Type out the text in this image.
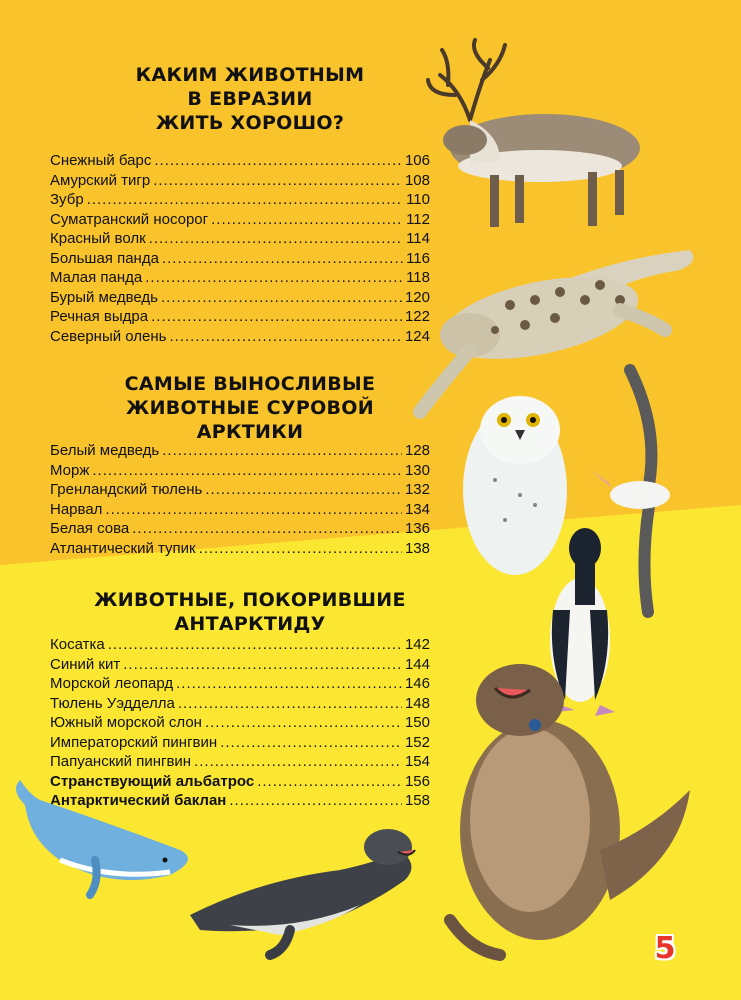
КАКИМ ЖИВОТНЫМ
В ЕВРАЗИИ
ЖИТЬ ХОРОШО?
Снежный барс .....	106
Амурский тигр .....	108
Зубр .....	110
Суматранский носорог .....	112
Красный волк .....	114
Большая панда .....	116
Малая панда .....	118
Бурый медведь .....	120
Речная выдра .....	122
Северный олень .....	124
САМЫЕ ВЫНОСЛИВЫЕ
ЖИВОТНЫЕ СУРОВОЙ
АРКТИКИ
Белый медведь .....	128
Морж .....	130
Гренландский тюлень .....	132
Нарвал .....	134
Белая сова .....	136
Атлантический тупик .....	138
ЖИВОТНЫЕ, ПОКОРИВШИЕ
АНТАРКТИДУ
Косатка .....	142
Синий кит .....	144
Морской леопард .....	146
Тюлень Уэдделла .....	148
Южный морской слон .....	150
Императорский пингвин .....	152
Папуанский пингвин .....	154
Странствующий альбатрос .....	156
Антарктический баклан .....	158
5
